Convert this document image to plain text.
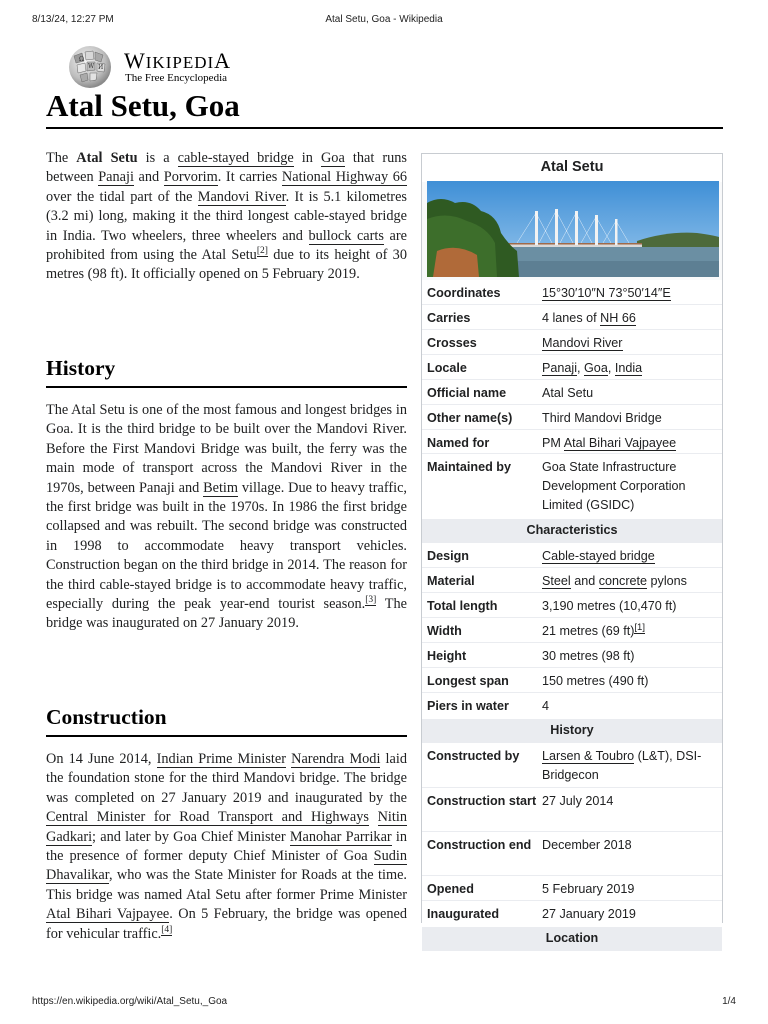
8/13/24, 12:27 PM	Atal Setu, Goa - Wikipedia
Ω
W И WIKIPEDIA
The Free Encyclopedia
Atal Setu, Goa

The Atal Setu is a cable-stayed bridge in Goa that runs between Panaji and Porvorim. It carries National Highway 66 over the tidal part of the Mandovi River. It is 5.1 kilometres (3.2 mi) long, making it the third longest cable-stayed bridge in India. Two wheelers, three wheelers and bullock carts are prohibited from using the Atal Setu[2] due to its height of 30 metres (98 ft). It officially opened on 5 February 2019.

History

The Atal Setu is one of the most famous and longest bridges in Goa. It is the third bridge to be built over the Mandovi River. Before the First Mandovi Bridge was built, the ferry was the main mode of transport across the Mandovi River in the 1970s, between Panaji and Betim village. Due to heavy traffic, the first bridge was built in the 1970s. In 1986 the first bridge collapsed and was rebuilt. The second bridge was constructed in 1998 to accommodate heavy transport vehicles. Construction began on the third bridge in 2014. The reason for the third cable-stayed bridge is to accommodate heavy traffic, especially during the peak year-end tourist season.[3] The bridge was inaugurated on 27 January 2019.

Construction

On 14 June 2014, Indian Prime Minister Narendra Modi laid the foundation stone for the third Mandovi bridge. The bridge was completed on 27 January 2019 and inaugurated by the Central Minister for Road Transport and Highways Nitin Gadkari; and later by Goa Chief Minister Manohar Parrikar in the presence of former deputy Chief Minister of Goa Sudin Dhavalikar, who was the State Minister for Roads at the time. This bridge was named Atal Setu after former Prime Minister Atal Bihari Vajpayee. On 5 February, the bridge was opened for vehicular traffic.[4]

Atal Setu
Coordinates	15°30′10″N 73°50′14″E
Carries	4 lanes of NH 66
Crosses	Mandovi River
Locale	Panaji, Goa, India
Official name	Atal Setu
Other name(s)	Third Mandovi Bridge
Named for	PM Atal Bihari Vajpayee
Maintained by	Goa State Infrastructure Development Corporation Limited (GSIDC)
Characteristics
Design	Cable-stayed bridge
Material	Steel and concrete pylons
Total length	3,190 metres (10,470 ft)
Width	21 metres (69 ft)[1]
Height	30 metres (98 ft)
Longest span	150 metres (490 ft)
Piers in water	4
History
Constructed by	Larsen & Toubro (L&T), DSI-Bridgecon
Construction start 27 July 2014
Construction end December 2018
Opened	5 February 2019
Inaugurated	27 January 2019
Location
https://en.wikipedia.org/wiki/Atal_Setu,_Goa	1/4
